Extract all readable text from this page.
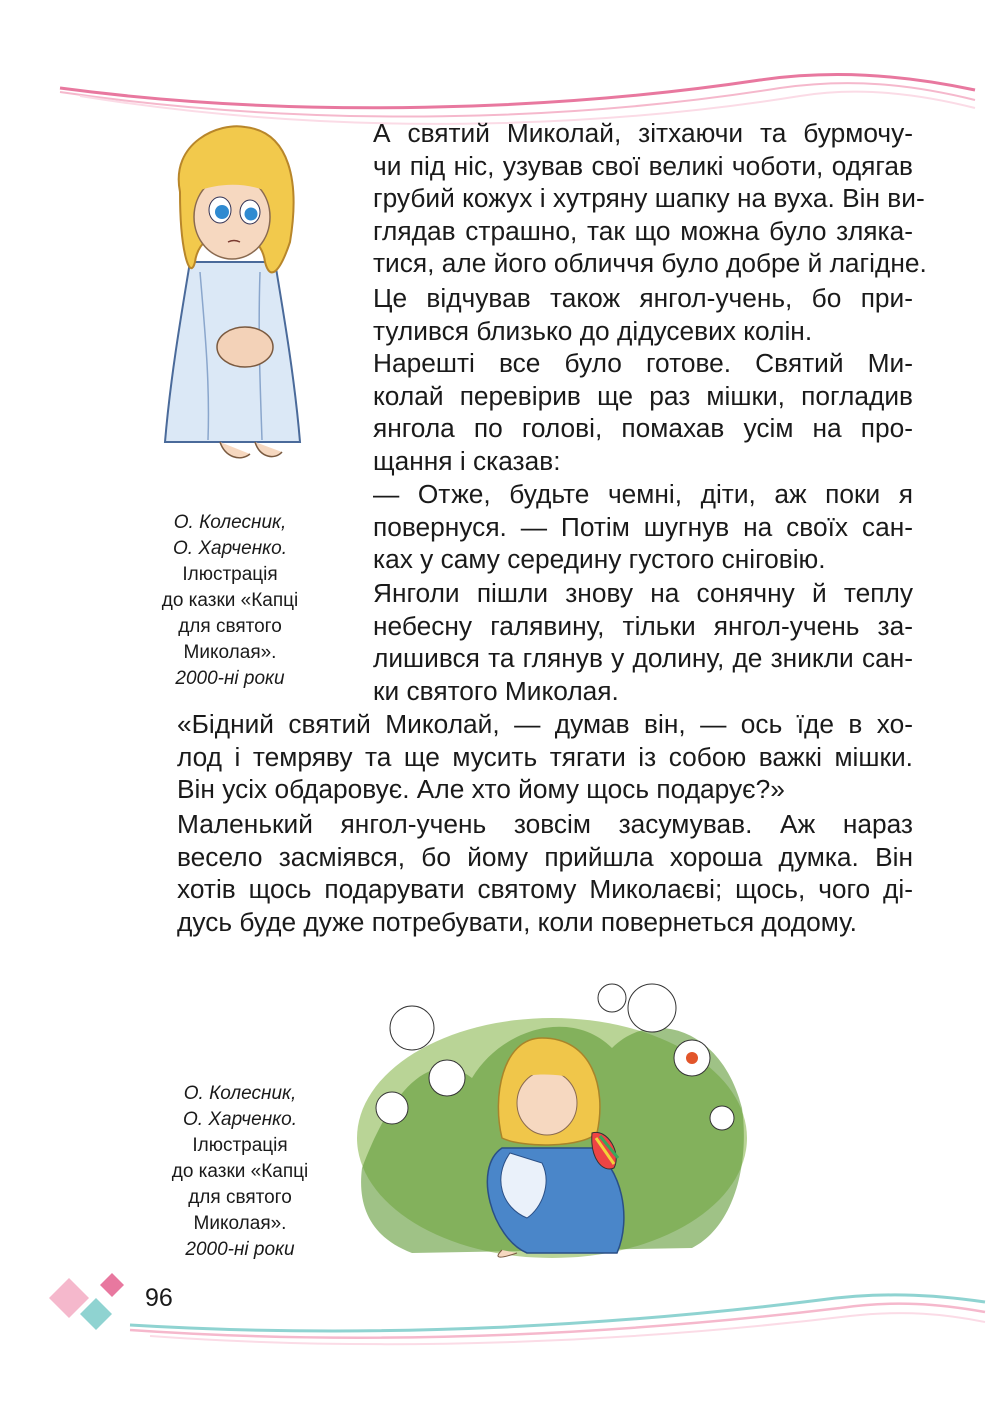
О. Колесник,
О. Харченко.
Ілюстрація
до казки «Капці
для святого
Миколая».
2000-ні роки

А святий Миколай, зітхаючи та бурмочу-
чи під ніс, узував свої великі чоботи, одягав
грубий кожух і хутряну шапку на вуха. Він ви-
глядав страшно, так що можна було зляка-
тися, але його обличчя було добре й лагідне.

Це відчував також янгол-учень, бо при-
тулився близько до дідусевих колін.

Нарешті все було готове. Святий Ми-
колай перевірив ще раз мішки, погладив
янгола по голові, помахав усім на про-
щання і сказав:

— Отже, будьте чемні, діти, аж поки я
повернуся. — Потім шугнув на своїх сан-
ках у саму середину густого сніговію.

Янголи пішли знову на сонячну й теплу
небесну галявину, тільки янгол-учень за-
лишився та глянув у долину, де зникли сан-
ки святого Миколая.

«Бідний святий Миколай, — думав він, — ось їде в хо-
лод і темряву та ще мусить тягати із собою важкі мішки.
Він усіх обдаровує. Але хто йому щось подарує?»

Маленький янгол-учень зовсім засумував. Аж нараз
весело засміявся, бо йому прийшла хороша думка. Він
хотів щось подарувати святому Миколаєві; щось, чого ді-
дусь буде дуже потребувати, коли повернеться додому.

О. Колесник,
О. Харченко.
Ілюстрація
до казки «Капці
для святого
Миколая».
2000-ні роки
96
